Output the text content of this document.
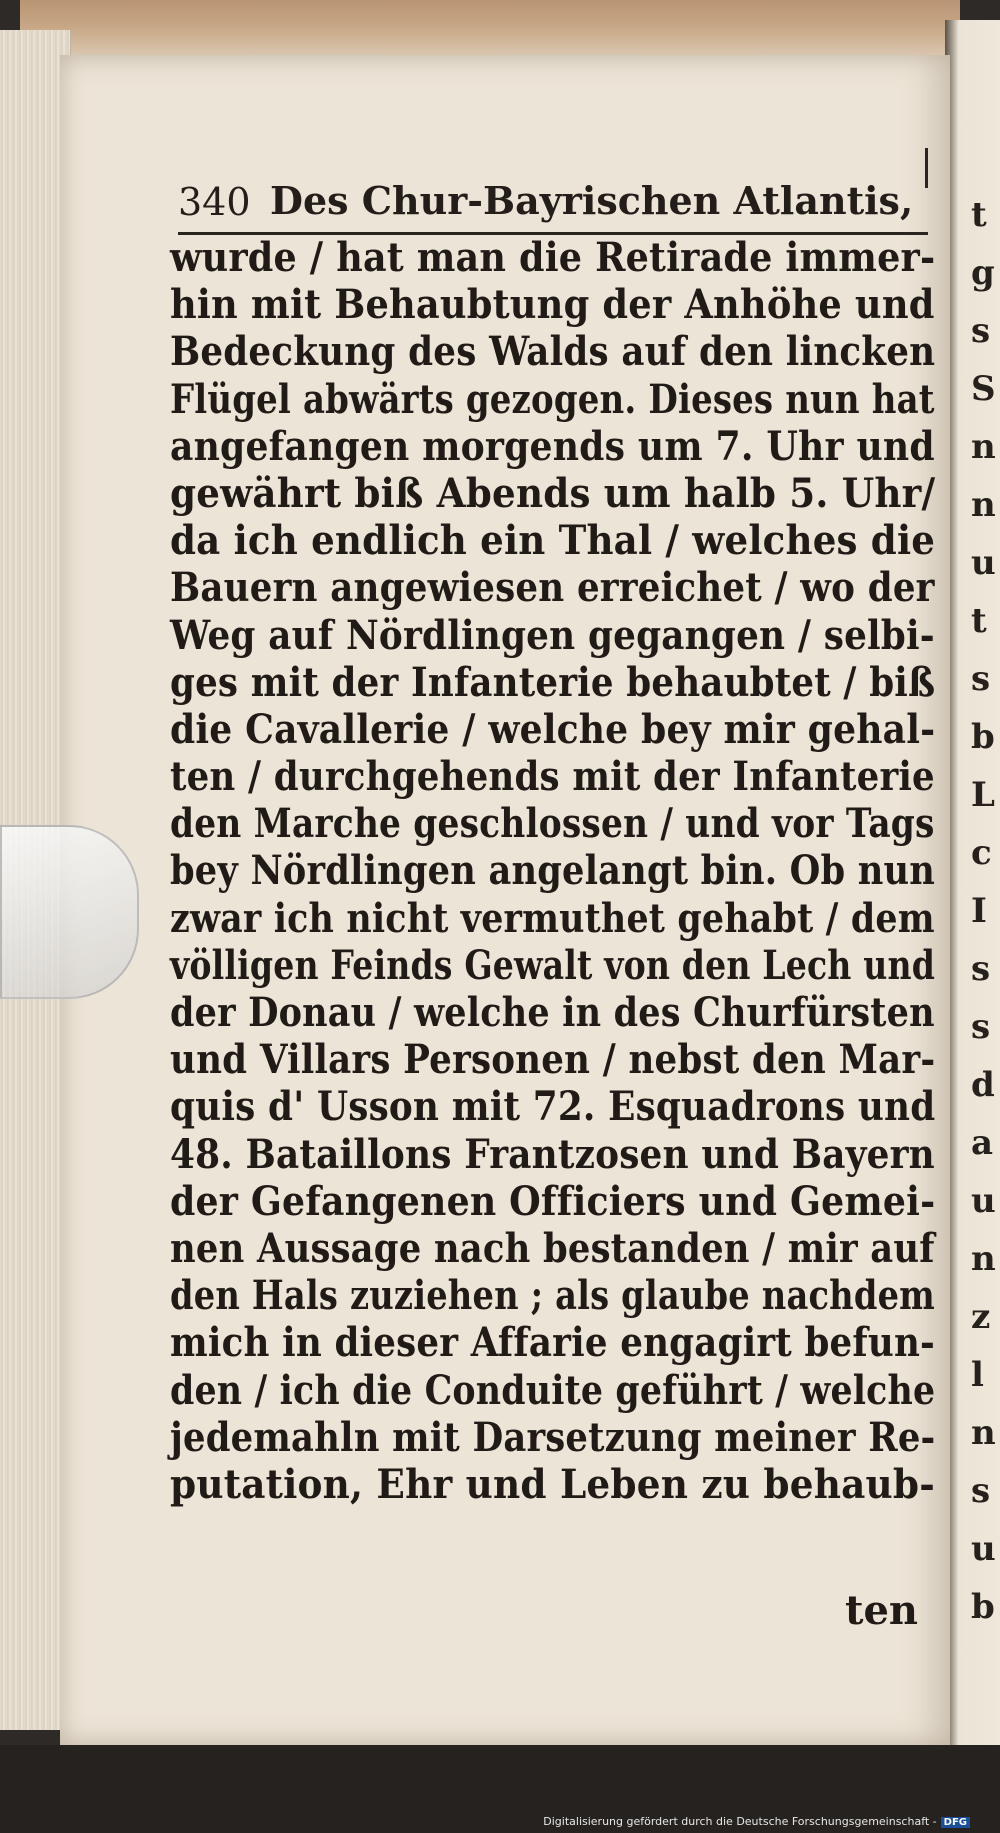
t
g
s
S
n
n
u
t
s
b
L
c
I
s
s
d
a
u
n
z
l
n
s
u
b
340 Des Chur-Bayrischen Atlantis,
wurde / hat man die Retirade immer-
hin mit Behaubtung der Anhöhe und
Bedeckung des Walds auf den lincken
Flügel abwärts gezogen. Dieses nun hat
angefangen morgends um 7. Uhr und
gewährt biß Abends um halb 5. Uhr/
da ich endlich ein Thal / welches die
Bauern angewiesen erreichet / wo der
Weg auf Nördlingen gegangen / selbi-
ges mit der Infanterie behaubtet / biß
die Cavallerie / welche bey mir gehal-
ten / durchgehends mit der Infanterie
den Marche geschlossen / und vor Tags
bey Nördlingen angelangt bin. Ob nun
zwar ich nicht vermuthet gehabt / dem
völligen Feinds Gewalt von den Lech und
der Donau / welche in des Churfürsten
und Villars Personen / nebst den Mar-
quis d' Usson mit 72. Esquadrons und
48. Bataillons Frantzosen und Bayern
der Gefangenen Officiers und Gemei-
nen Aussage nach bestanden / mir auf
den Hals zuziehen ; als glaube nachdem
mich in dieser Affarie engagirt befun-
den / ich die Conduite geführt / welche
jedemahln mit Darsetzung meiner Re-
putation, Ehr und Leben zu behaub-
ten
Digitalisierung gefördert durch die Deutsche Forschungsgemeinschaft - DFG
